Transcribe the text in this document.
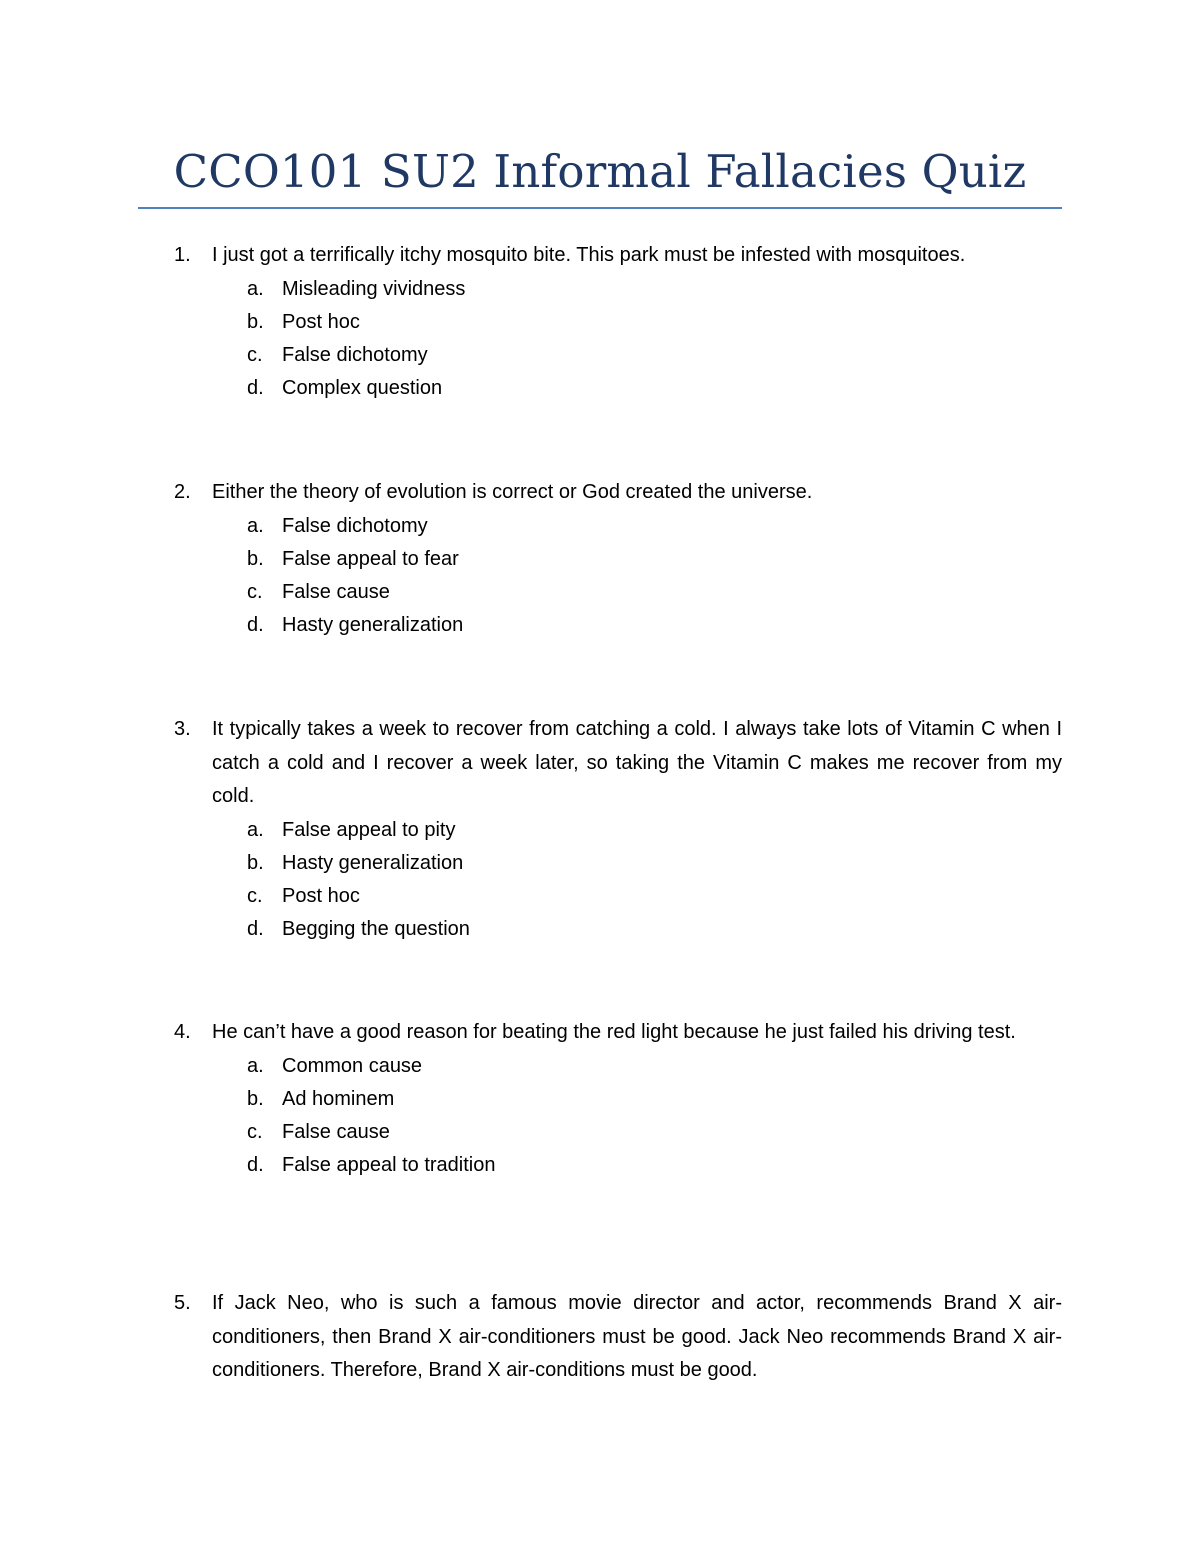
CCO101 SU2 Informal Fallacies Quiz
1. I just got a terrifically itchy mosquito bite. This park must be infested with mosquitoes.
a. Misleading vividness
b. Post hoc
c. False dichotomy
d. Complex question
2. Either the theory of evolution is correct or God created the universe.
a. False dichotomy
b. False appeal to fear
c. False cause
d. Hasty generalization
3. It typically takes a week to recover from catching a cold. I always take lots of Vitamin C when I catch a cold and I recover a week later, so taking the Vitamin C makes me recover from my cold.
a. False appeal to pity
b. Hasty generalization
c. Post hoc
d. Begging the question
4. He can’t have a good reason for beating the red light because he just failed his driving test.
a. Common cause
b. Ad hominem
c. False cause
d. False appeal to tradition
5. If Jack Neo, who is such a famous movie director and actor, recommends Brand X air-conditioners, then Brand X air-conditioners must be good. Jack Neo recommends Brand X air-conditioners. Therefore, Brand X air-conditions must be good.
